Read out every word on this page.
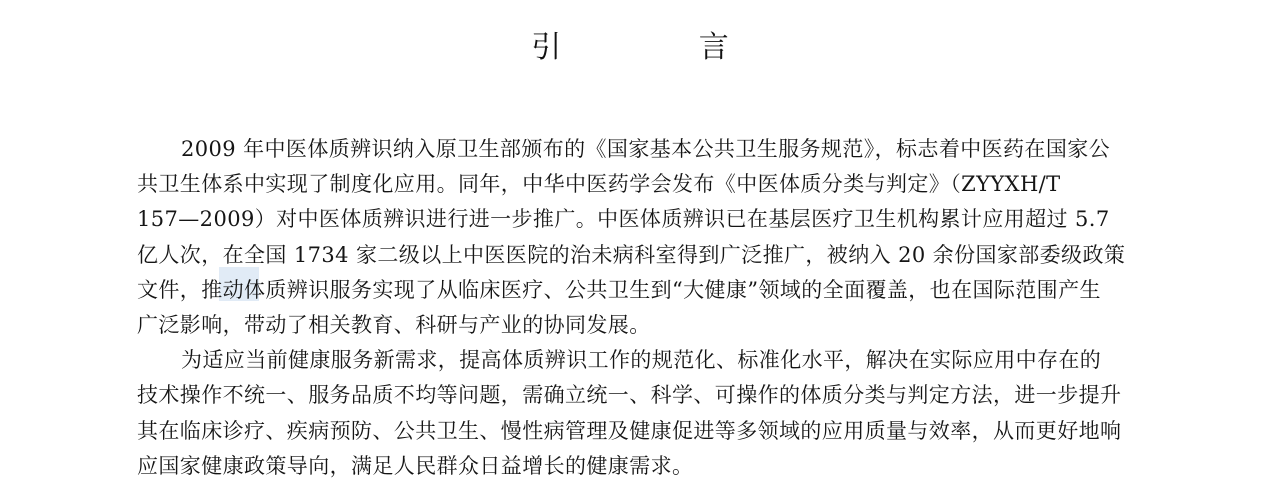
引 言
2009 年中医体质辨识纳入原卫生部颁布的《国家基本公共卫生服务规范》，标志着中医药在国家公
共卫生体系中实现了制度化应用。同年，中华中医药学会发布《中医体质分类与判定》（ZYYXH/T
157—2009）对中医体质辨识进行进一步推广。中医体质辨识已在基层医疗卫生机构累计应用超过 5.7
亿人次，在全国 1734 家二级以上中医医院的治未病科室得到广泛推广，被纳入 20 余份国家部委级政策
文件，推动体质辨识服务实现了从临床医疗、公共卫生到“大健康”领域的全面覆盖，也在国际范围产生
广泛影响，带动了相关教育、科研与产业的协同发展。
为适应当前健康服务新需求，提高体质辨识工作的规范化、标准化水平，解决在实际应用中存在的
技术操作不统一、服务品质不均等问题，需确立统一、科学、可操作的体质分类与判定方法，进一步提升
其在临床诊疗、疾病预防、公共卫生、慢性病管理及健康促进等多领域的应用质量与效率，从而更好地响
应国家健康政策导向，满足人民群众日益增长的健康需求。
